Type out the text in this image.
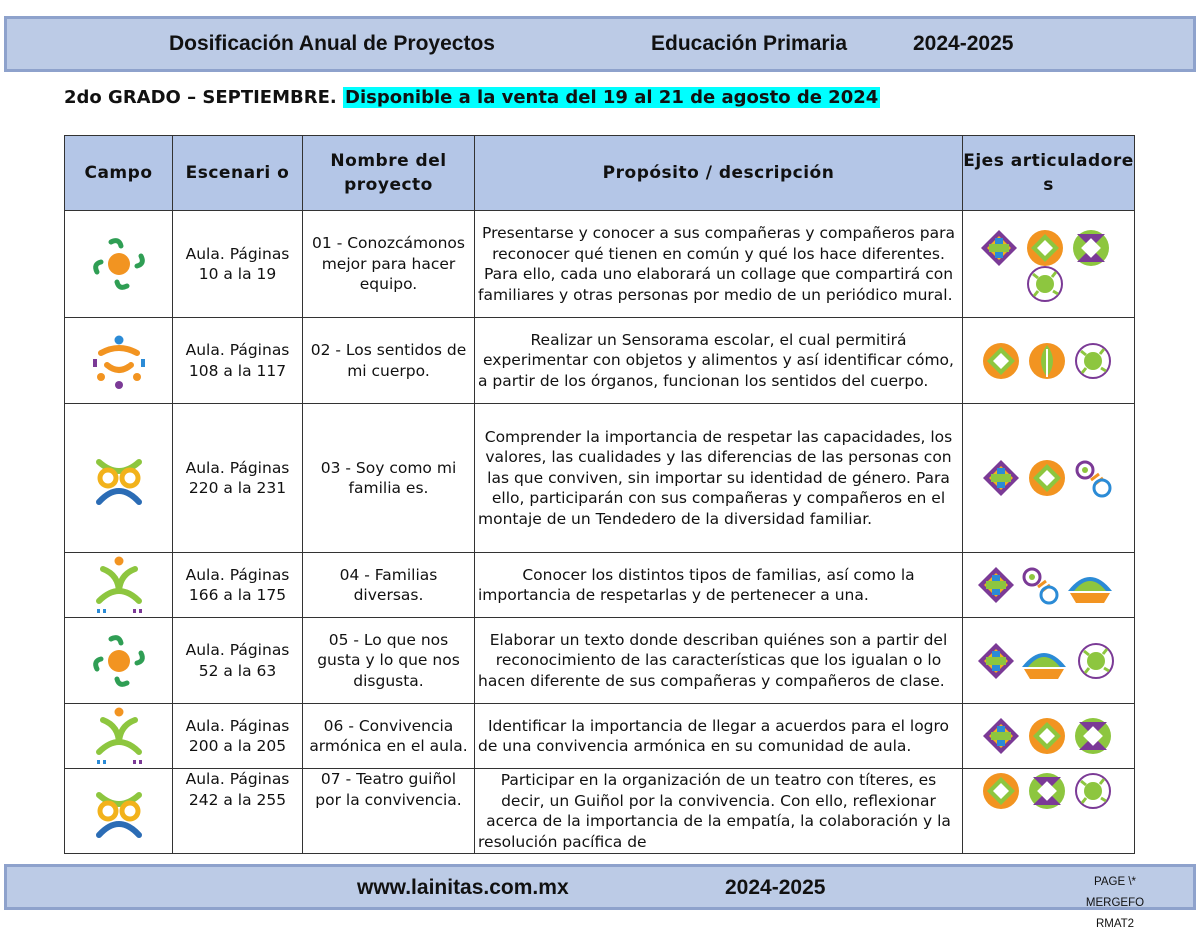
Dosificación Anual de Proyectos	Educación Primaria	2024-2025
2do GRADO – SEPTIEMBRE. Disponible a la venta del 19 al 21 de agosto de 2024
Campo	Escenari o	Nombre del proyecto	Propósito / descripción	Ejes articuladore s

	Aula. Páginas 10 a la 19	01 - Conozcámonos mejor para hacer equipo.	Presentarse y conocer a sus compañeras y compañeros para reconocer qué tienen en común y qué los hace diferentes. Para ello, cada uno elaborará un collage que compartirá con familiares y otras personas por medio de un periódico mural.	

	Aula. Páginas 108 a la 117	02 - Los sentidos de mi cuerpo.	Realizar un Sensorama escolar, el cual permitirá experimentar con objetos y alimentos y así identificar cómo, a partir de los órganos, funcionan los sentidos del cuerpo.	

	Aula. Páginas 220 a la 231	03 - Soy como mi familia es.	Comprender la importancia de respetar las capacidades, los valores, las cualidades y las diferencias de las personas con las que conviven, sin importar su identidad de género. Para ello, participarán con sus compañeras y compañeros en el montaje de un Tendedero de la diversidad familiar.	

	Aula. Páginas 166 a la 175	04 - Familias diversas.	Conocer los distintos tipos de familias, así como la importancia de respetarlas y de pertenecer a una.	

	Aula. Páginas 52 a la 63	05 - Lo que nos gusta y lo que nos disgusta.	Elaborar un texto donde describan quiénes son a partir del reconocimiento de las características que los igualan o lo hacen diferente de sus compañeras y compañeros de clase.	

	Aula. Páginas 200 a la 205	06 - Convivencia armónica en el aula.	Identificar la importancia de llegar a acuerdos para el logro de una convivencia armónica en su comunidad de aula.	

	Aula. Páginas 242 a la 255	07 - Teatro guiñol por la convivencia.	Participar en la organización de un teatro con títeres, es decir, un Guiñol por la convivencia. Con ello, reflexionar acerca de la importancia de la empatía, la colaboración y la resolución pacífica de	
www.lainitas.com.mx	2024-2025	PAGE \* MERGEFO RMAT2
